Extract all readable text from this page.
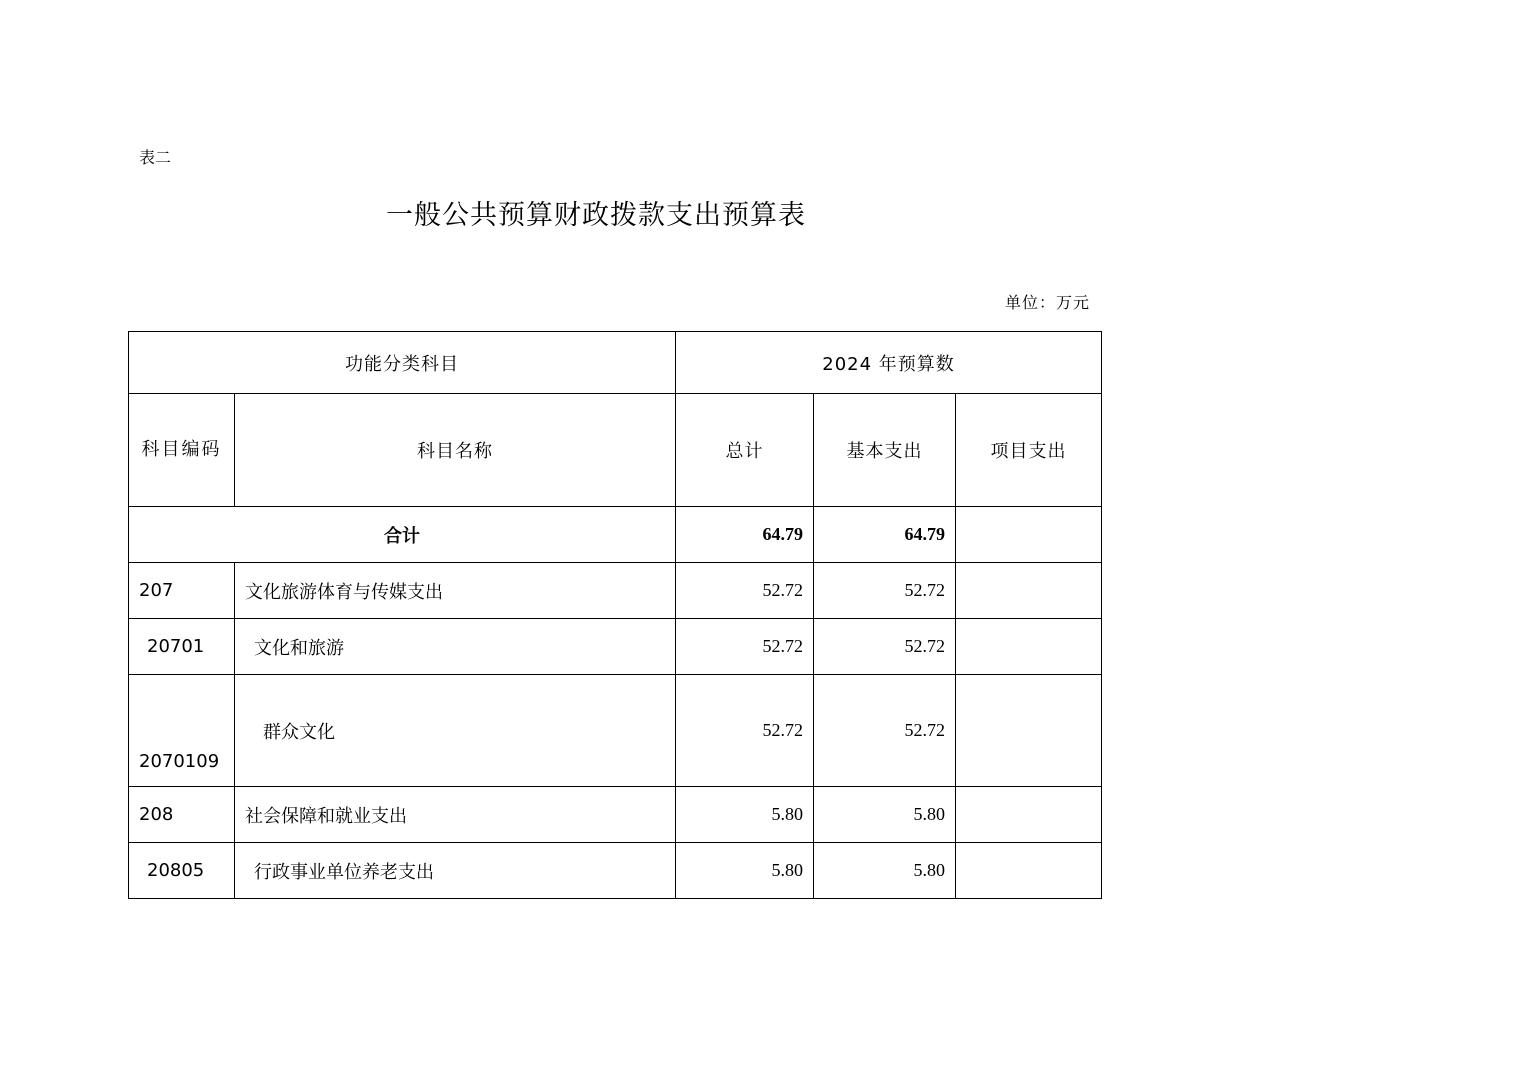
表二
一般公共预算财政拨款支出预算表
单位：万元
功能分类科目		2024 年预算数		
科目编码	科目名称	总计	基本支出	项目支出
合计		64.79	64.79	
207	文化旅游体育与传媒支出	52.72	52.72	
20701	文化和旅游	52.72	52.72	
2070109	群众文化	52.72	52.72	
208	社会保障和就业支出	5.80	5.80	
20805	行政事业单位养老支出	5.80	5.80	
